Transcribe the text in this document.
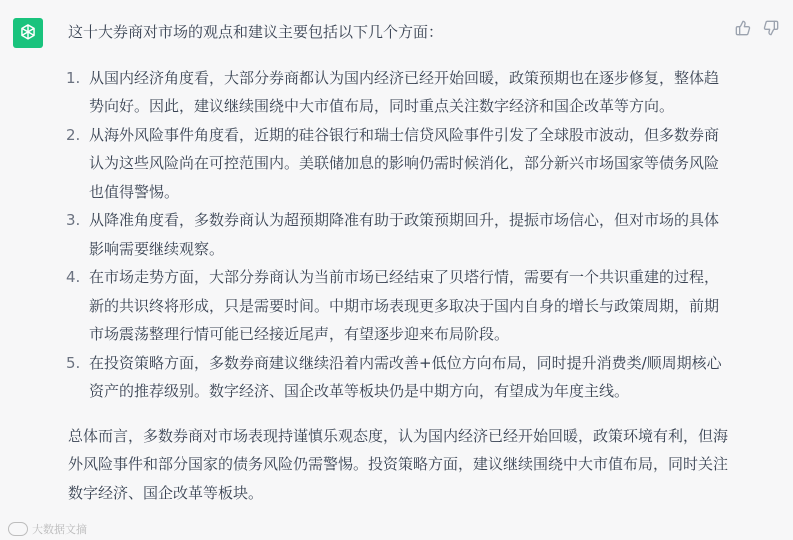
这十大券商对市场的观点和建议主要包括以下几个方面：

1. 从国内经济角度看，大部分券商都认为国内经济已经开始回暖，政策预期也在逐步修复，整体趋势向好。因此，建议继续围绕中大市值布局，同时重点关注数字经济和国企改革等方向。
2. 从海外风险事件角度看，近期的硅谷银行和瑞士信贷风险事件引发了全球股市波动，但多数券商认为这些风险尚在可控范围内。美联储加息的影响仍需时候消化，部分新兴市场国家等债务风险也值得警惕。
3. 从降准角度看，多数券商认为超预期降准有助于政策预期回升，提振市场信心，但对市场的具体影响需要继续观察。
4. 在市场走势方面，大部分券商认为当前市场已经结束了贝塔行情，需要有一个共识重建的过程，新的共识终将形成，只是需要时间。中期市场表现更多取决于国内自身的增长与政策周期，前期市场震荡整理行情可能已经接近尾声，有望逐步迎来布局阶段。
5. 在投资策略方面，多数券商建议继续沿着内需改善+低位方向布局，同时提升消费类/顺周期核心资产的推荐级别。数字经济、国企改革等板块仍是中期方向，有望成为年度主线。

总体而言，多数券商对市场表现持谨慎乐观态度，认为国内经济已经开始回暖，政策环境有利，但海外风险事件和部分国家的债务风险仍需警惕。投资策略方面，建议继续围绕中大市值布局，同时关注数字经济、国企改革等板块。

大数据文摘
